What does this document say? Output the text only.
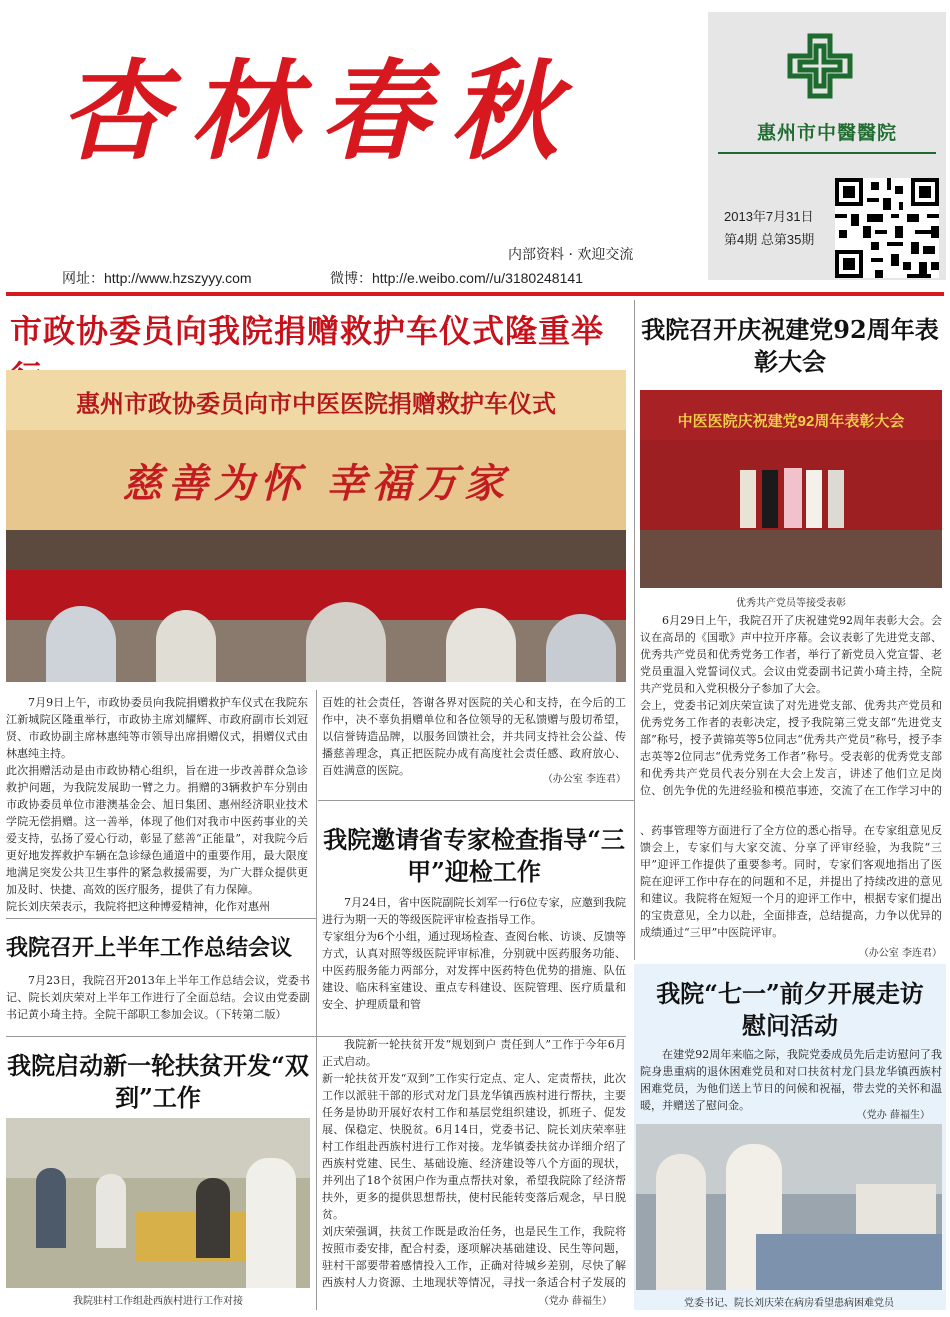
杏林春秋	惠州市中醫醫院
2013年7月31日
第4期 总第35期
内部资料 · 欢迎交流
网址：http://www.hzszyyy.com	微博：http://e.weibo.com//u/3180248141
市政协委员向我院捐赠救护车仪式隆重举
惠州市政协委员向市中医医院捐赠救护车仪式
慈善为怀 幸福万家
7月9日上午，市政协委员向我院捐赠救护车仪式在我院东江新城院区隆重举行，市政协主席刘耀辉、市政府副市长刘冠贤、市政协副主席林惠纯等市领导出席捐赠仪式，捐赠仪式由林惠纯主持。
此次捐赠活动是由市政协精心组织，旨在进一步改善群众急诊救护问题，为我院发展助一臂之力。捐赠的3辆救护车分别由市政协委员单位市港澳基金会、旭日集团、惠州经济职业技术学院无偿捐赠。这一善举，体现了他们对我市中医药事业的关爱支持，弘扬了爱心行动，彰显了慈善“正能量”，对我院今后更好地发挥救护车辆在急诊绿色通道中的重要作用，最大限度地满足突发公共卫生事件的紧急救援需要，为广大群众提供更加及时、快捷、高效的医疗服务，提供了有力保障。
院长刘庆荣表示，我院将把这种博爱精神，化作对惠州
百姓的社会责任，答谢各界对医院的关心和支持，在今后的工作中，决不辜负捐赠单位和各位领导的无私馈赠与殷切希望，以信誉铸造品牌，以服务回馈社会，并共同支持社会公益、传播慈善理念，真正把医院办成有高度社会责任感、政府放心、百姓满意的医院。
（办公室 李连君）
我院召开庆祝建党92周年表彰大会
中医医院庆祝建党92周年表彰大会
优秀共产党员等接受表彰
6月29日上午，我院召开了庆祝建党92周年表彰大会。会议在高昂的《国歌》声中拉开序幕。会议表彰了先进党支部、优秀共产党员和优秀党务工作者，举行了新党员入党宣誓、老党员重温入党誓词仪式。会议由党委副书记黄小琦主持，全院共产党员和入党积极分子参加了大会。
会上，党委书记刘庆荣宣读了对先进党支部、优秀共产党员和优秀党务工作者的表彰决定，授予我院第三党支部“先进党支部”称号，授予黄锦英等5位同志“优秀共产党员”称号，授予李志英等2位同志“优秀党务工作者”称号。受表彰的优秀党支部和优秀共产党员代表分别在大会上发言，讲述了他们立足岗位、创先争优的先进经验和模范事迹，交流了在工作学习中的
我院邀请省专家检查指导“三甲”迎检工作
7月24日，省中医院副院长刘军一行6位专家，应邀到我院进行为期一天的等级医院评审检查指导工作。
专家组分为6个小组，通过现场检查、查阅台帐、访谈、反馈等方式，认真对照等级医院评审标准，分别就中医药服务功能、中医药服务能力两部分，对发挥中医药特色优势的措施、队伍建设、临床科室建设、重点专科建设、医院管理、医疗质量和安全、护理质量和管
、药事管理等方面进行了全方位的悉心指导。在专家组意见反馈会上，专家们与大家交流、分享了评审经验，为我院“三甲”迎评工作提供了重要参考。同时，专家们客观地指出了医院在迎评工作中存在的问题和不足，并提出了持续改进的意见和建议。我院将在短短一个月的迎评工作中，根据专家们提出的宝贵意见，全力以赴，全面排查，总结提高，力争以优异的成绩通过“三甲”中医院评审。
（办公室 李连君）
我院召开上半年工作总结会议
7月23日，我院召开2013年上半年工作总结会议，党委书记、院长刘庆荣对上半年工作进行了全面总结。会议由党委副书记黄小琦主持。全院干部职工参加会议。（下转第二版）
我院启动新一轮扶贫开发“双到”工作
我院驻村工作组赴西族村进行工作对接
我院新一轮扶贫开发“规划到户 责任到人”工作于今年6月正式启动。
新一轮扶贫开发“双到”工作实行定点、定人、定责帮扶，此次工作以派驻干部的形式对龙门县龙华镇西族村进行帮扶，主要任务是协助开展好农村工作和基层党组织建设，抓班子、促发展、保稳定、快脱贫。6月14日，党委书记、院长刘庆荣率驻村工作组赴西族村进行工作对接。龙华镇委扶贫办详细介绍了西族村党建、民生、基础设施、经济建设等八个方面的现状，并列出了18个贫困户作为重点帮扶对象，希望我院除了经济帮扶外，更多的提供思想帮扶，使村民能转变落后观念，早日脱贫。
刘庆荣强调，扶贫工作既是政治任务，也是民生工作，我院将按照市委安排，配合村委，逐项解决基础建设、民生等问题，驻村干部要带着感情投入工作，正确对待城乡差别，尽快了解西族村人力资源、土地现状等情况，寻找一条适合村子发展的
（党办 薛福生）
我院“七一”前夕开展走访慰问活动
在建党92周年来临之际，我院党委成员先后走访慰问了我院身患重病的退休困难党员和对口扶贫村龙门县龙华镇西族村困难党员，为他们送上节日的问候和祝福，带去党的关怀和温暖，并赠送了慰问金。
（党办 薛福生）
党委书记、院长刘庆荣在病房看望患病困难党员
